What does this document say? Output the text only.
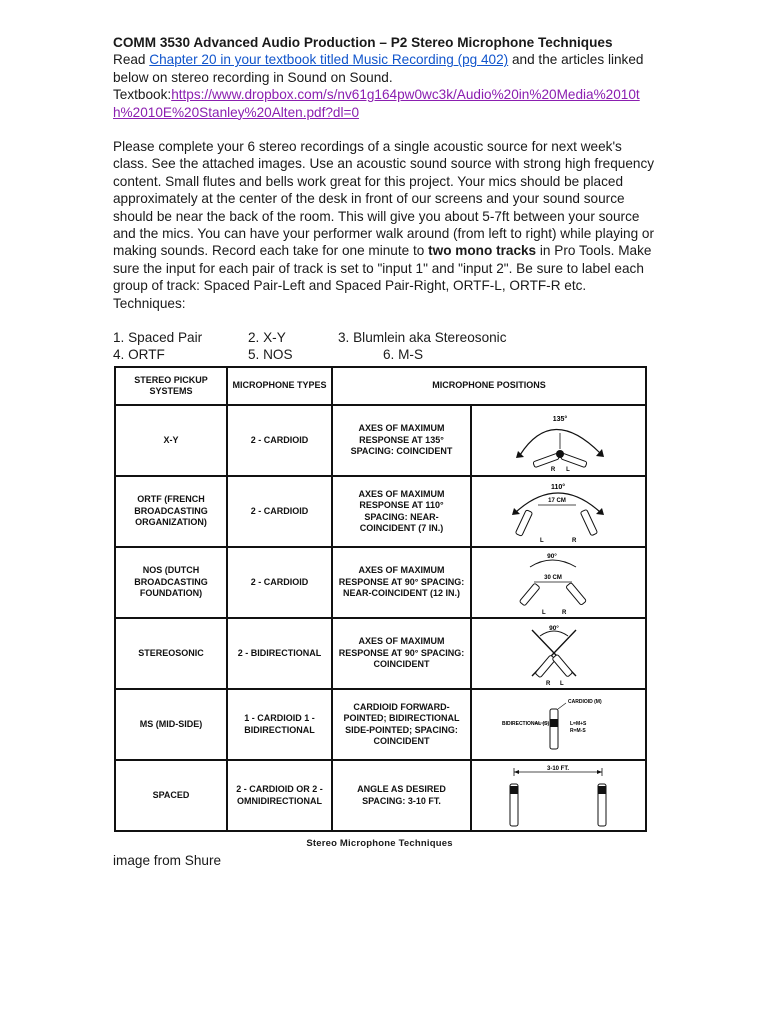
COMM 3530 Advanced Audio Production – P2 Stereo Microphone Techniques

Read Chapter 20 in your textbook titled Music Recording (pg 402) and the articles linked below on stereo recording in Sound on Sound.

Textbook:https://www.dropbox.com/s/nv61g164pw0wc3k/Audio%20in%20Media%2010th%2010E%20Stanley%20Alten.pdf?dl=0

Please complete your 6 stereo recordings of a single acoustic source for next week's class. See the attached images. Use an acoustic sound source with strong high frequency content. Small flutes and bells work great for this project. Your mics should be placed approximately at the center of the desk in front of our screens and your sound source should be near the back of the room. This will give you about 5-7ft between your source and the mics. You can have your performer walk around (from left to right) while playing or making sounds. Record each take for one minute to two mono tracks in Pro Tools. Make sure the input for each pair of track is set to "input 1" and "input 2". Be sure to label each group of track: Spaced Pair-Left and Spaced Pair-Right, ORTF-L, ORTF-R etc.

Techniques:

1. Spaced Pair	2. X-Y	3. Blumlein aka Stereosonic
4. ORTF	5. NOS	6. M-S
STEREO PICKUP SYSTEMS	MICROPHONE TYPES	MICROPHONE POSITIONS	
X-Y	2 - CARDIOID	AXES OF MAXIMUM RESPONSE AT 135° SPACING: COINCIDENT	135°
R L

ORTF (FRENCH BROADCASTING ORGANIZATION)	2 - CARDIOID	AXES OF MAXIMUM RESPONSE AT 110° SPACING: NEAR-COINCIDENT (7 IN.)	110°
17 CM
L R

NOS (DUTCH BROADCASTING FOUNDATION)	2 - CARDIOID	AXES OF MAXIMUM RESPONSE AT 90° SPACING: NEAR-COINCIDENT (12 IN.)	90°
30 CM
L R

STEREOSONIC	2 - BIDIRECTIONAL	AXES OF MAXIMUM RESPONSE AT 90° SPACING: COINCIDENT	90°
R L

MS (MID-SIDE)	1 - CARDIOID 1 - BIDIRECTIONAL	CARDIOID FORWARD-POINTED; BIDIRECTIONAL SIDE-POINTED; SPACING: COINCIDENT	CARDIOID (M)
BIDIRECTIONAL (S) L=M+S
R=M-S

SPACED	2 - CARDIOID OR 2 - OMNIDIRECTIONAL	ANGLE AS DESIRED SPACING: 3-10 FT.	3-10 FT.
Stereo Microphone Techniques
image from Shure
